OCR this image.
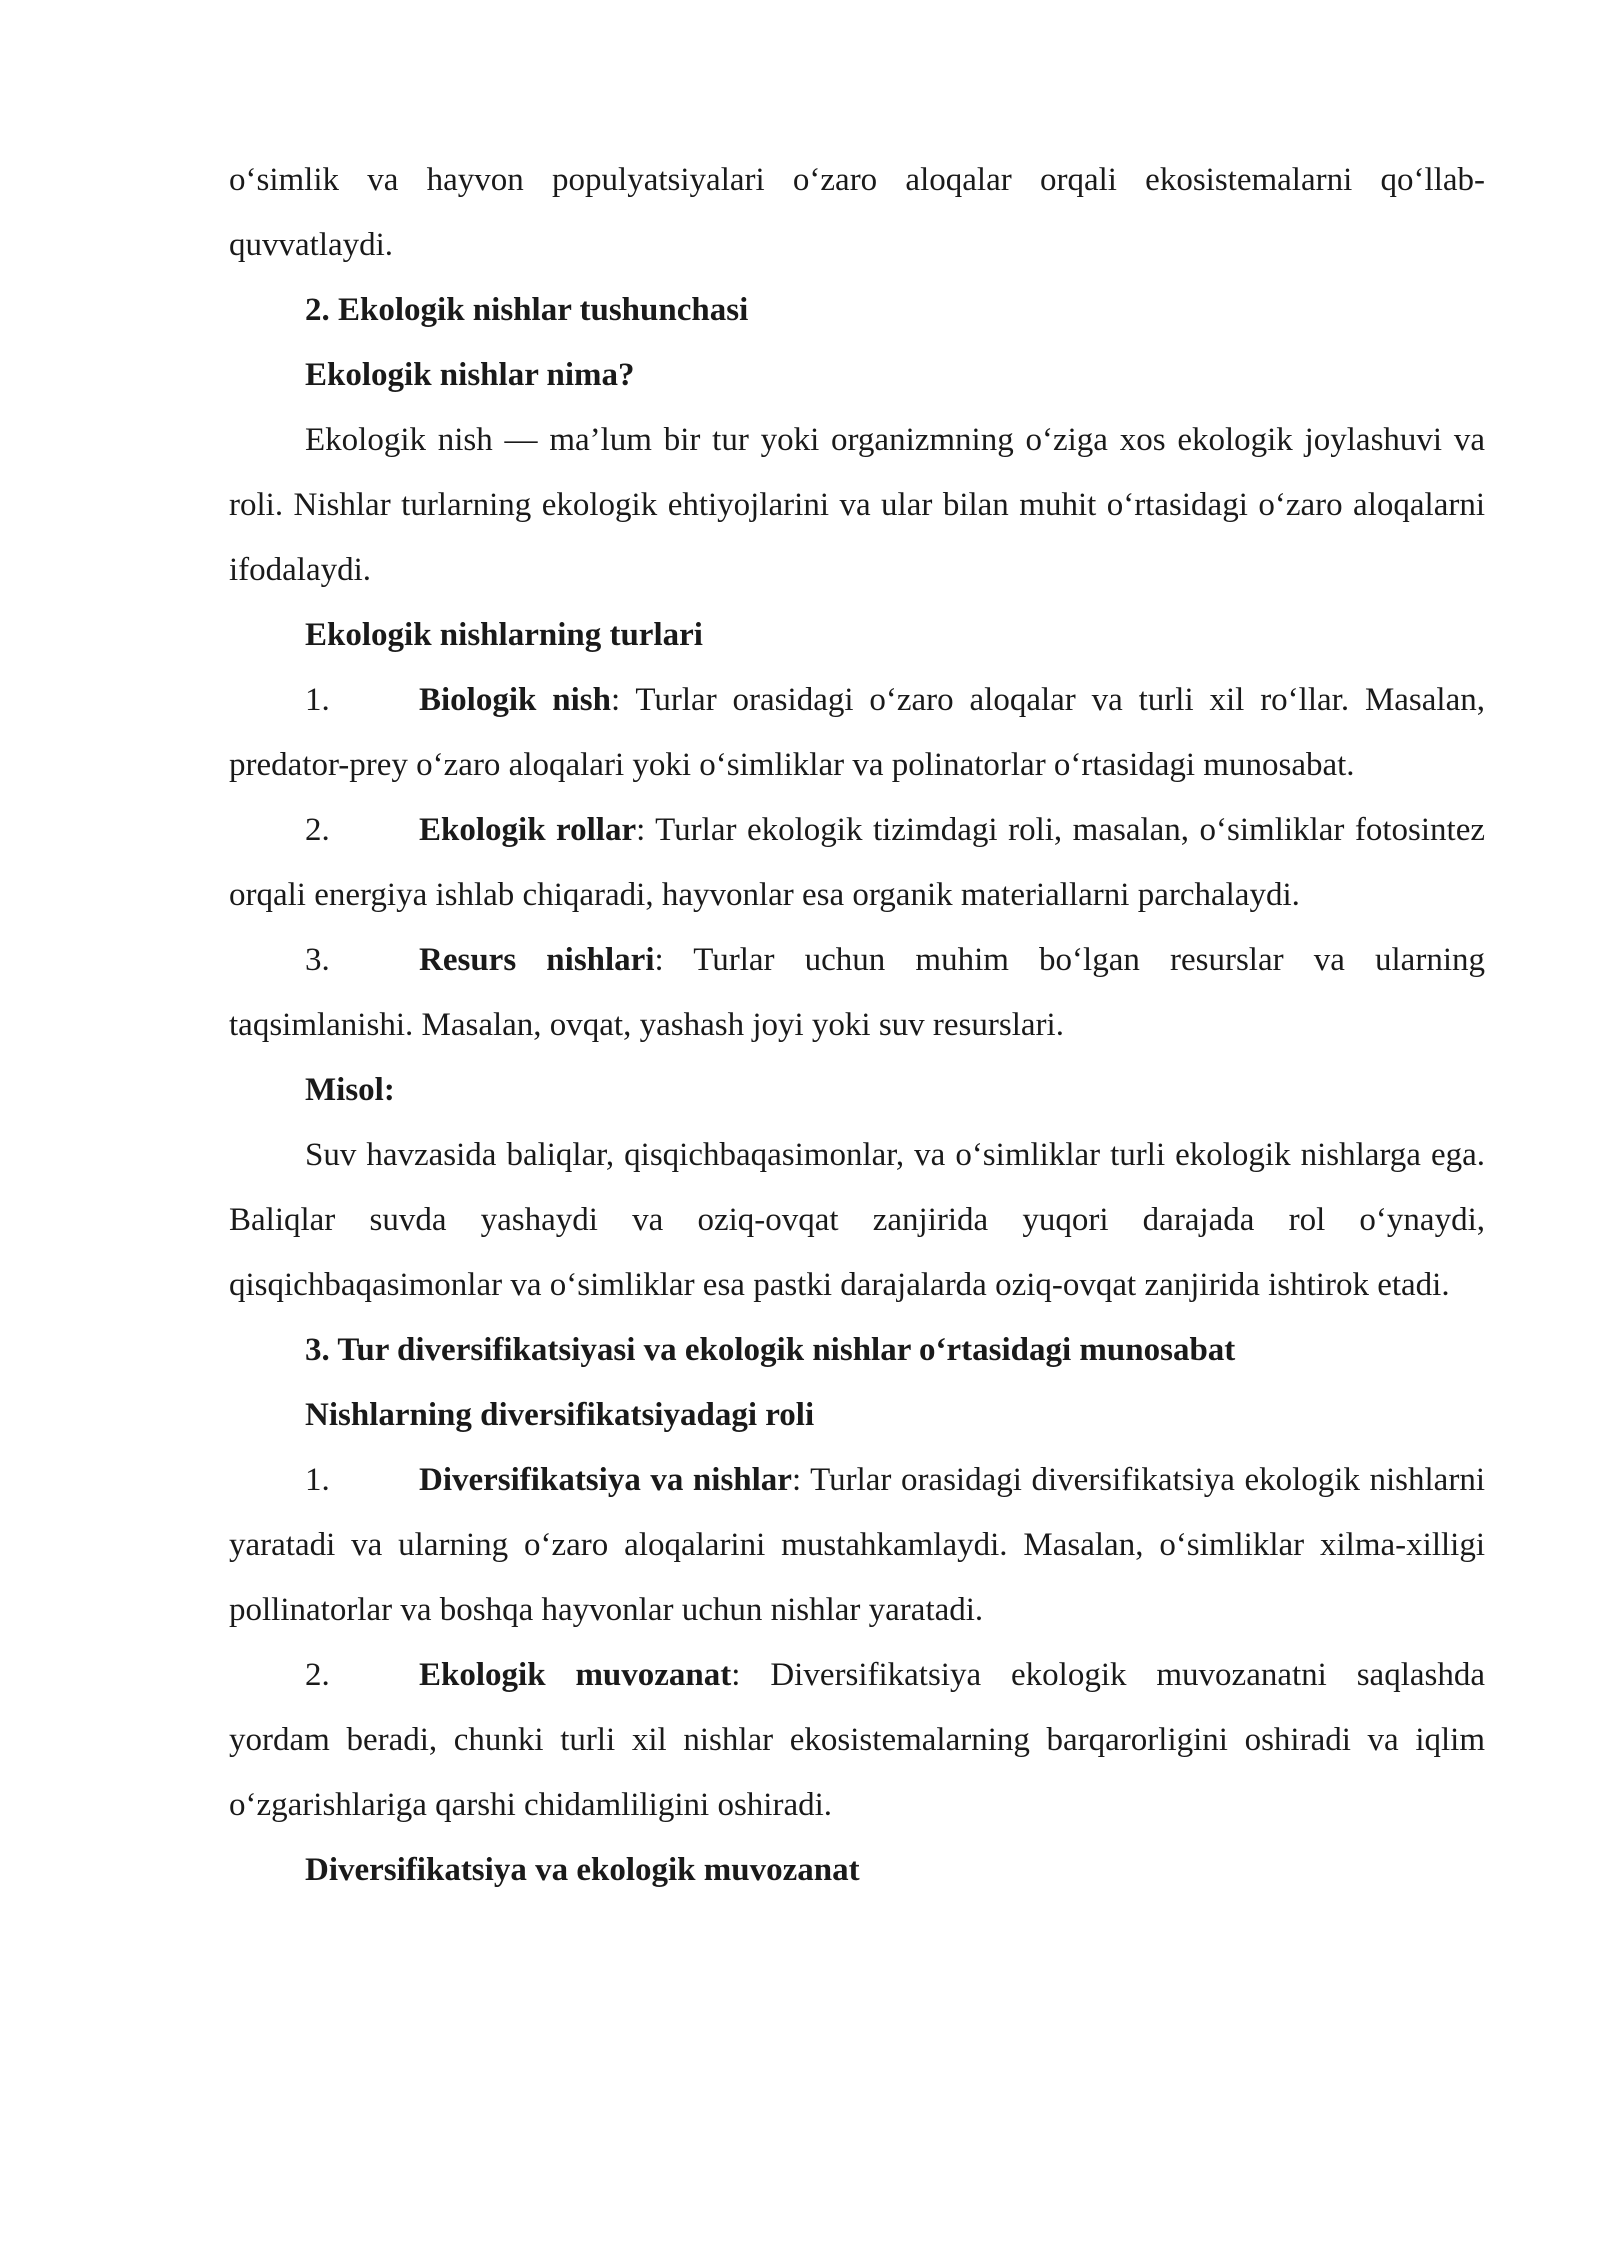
o‘simlik va hayvon populyatsiyalari o‘zaro aloqalar orqali ekosistemalarni qo‘llab-quvvatlaydi.

2. Ekologik nishlar tushunchasi

Ekologik nishlar nima?

Ekologik nish — ma’lum bir tur yoki organizmning o‘ziga xos ekologik joylashuvi va roli. Nishlar turlarning ekologik ehtiyojlarini va ular bilan muhit o‘rtasidagi o‘zaro aloqalarni ifodalaydi.

Ekologik nishlarning turlari

1.	Biologik nish: Turlar orasidagi o‘zaro aloqalar va turli xil ro‘llar. Masalan, predator-prey o‘zaro aloqalari yoki o‘simliklar va polinatorlar o‘rtasidagi munosabat.

2.	Ekologik rollar: Turlar ekologik tizimdagi roli, masalan, o‘simliklar fotosintez orqali energiya ishlab chiqaradi, hayvonlar esa organik materiallarni parchalaydi.

3.	Resurs nishlari: Turlar uchun muhim bo‘lgan resurslar va ularning taqsimlanishi. Masalan, ovqat, yashash joyi yoki suv resurslari.

Misol:

Suv havzasida baliqlar, qisqichbaqasimonlar, va o‘simliklar turli ekologik nishlarga ega. Baliqlar suvda yashaydi va oziq-ovqat zanjirida yuqori darajada rol o‘ynaydi, qisqichbaqasimonlar va o‘simliklar esa pastki darajalarda oziq-ovqat zanjirida ishtirok etadi.

3. Tur diversifikatsiyasi va ekologik nishlar o‘rtasidagi munosabat

Nishlarning diversifikatsiyadagi roli

1.	Diversifikatsiya va nishlar: Turlar orasidagi diversifikatsiya ekologik nishlarni yaratadi va ularning o‘zaro aloqalarini mustahkamlaydi. Masalan, o‘simliklar xilma-xilligi pollinatorlar va boshqa hayvonlar uchun nishlar yaratadi.

2.	Ekologik muvozanat: Diversifikatsiya ekologik muvozanatni saqlashda yordam beradi, chunki turli xil nishlar ekosistemalarning barqarorligini oshiradi va iqlim o‘zgarishlariga qarshi chidamliligini oshiradi.

Diversifikatsiya va ekologik muvozanat
